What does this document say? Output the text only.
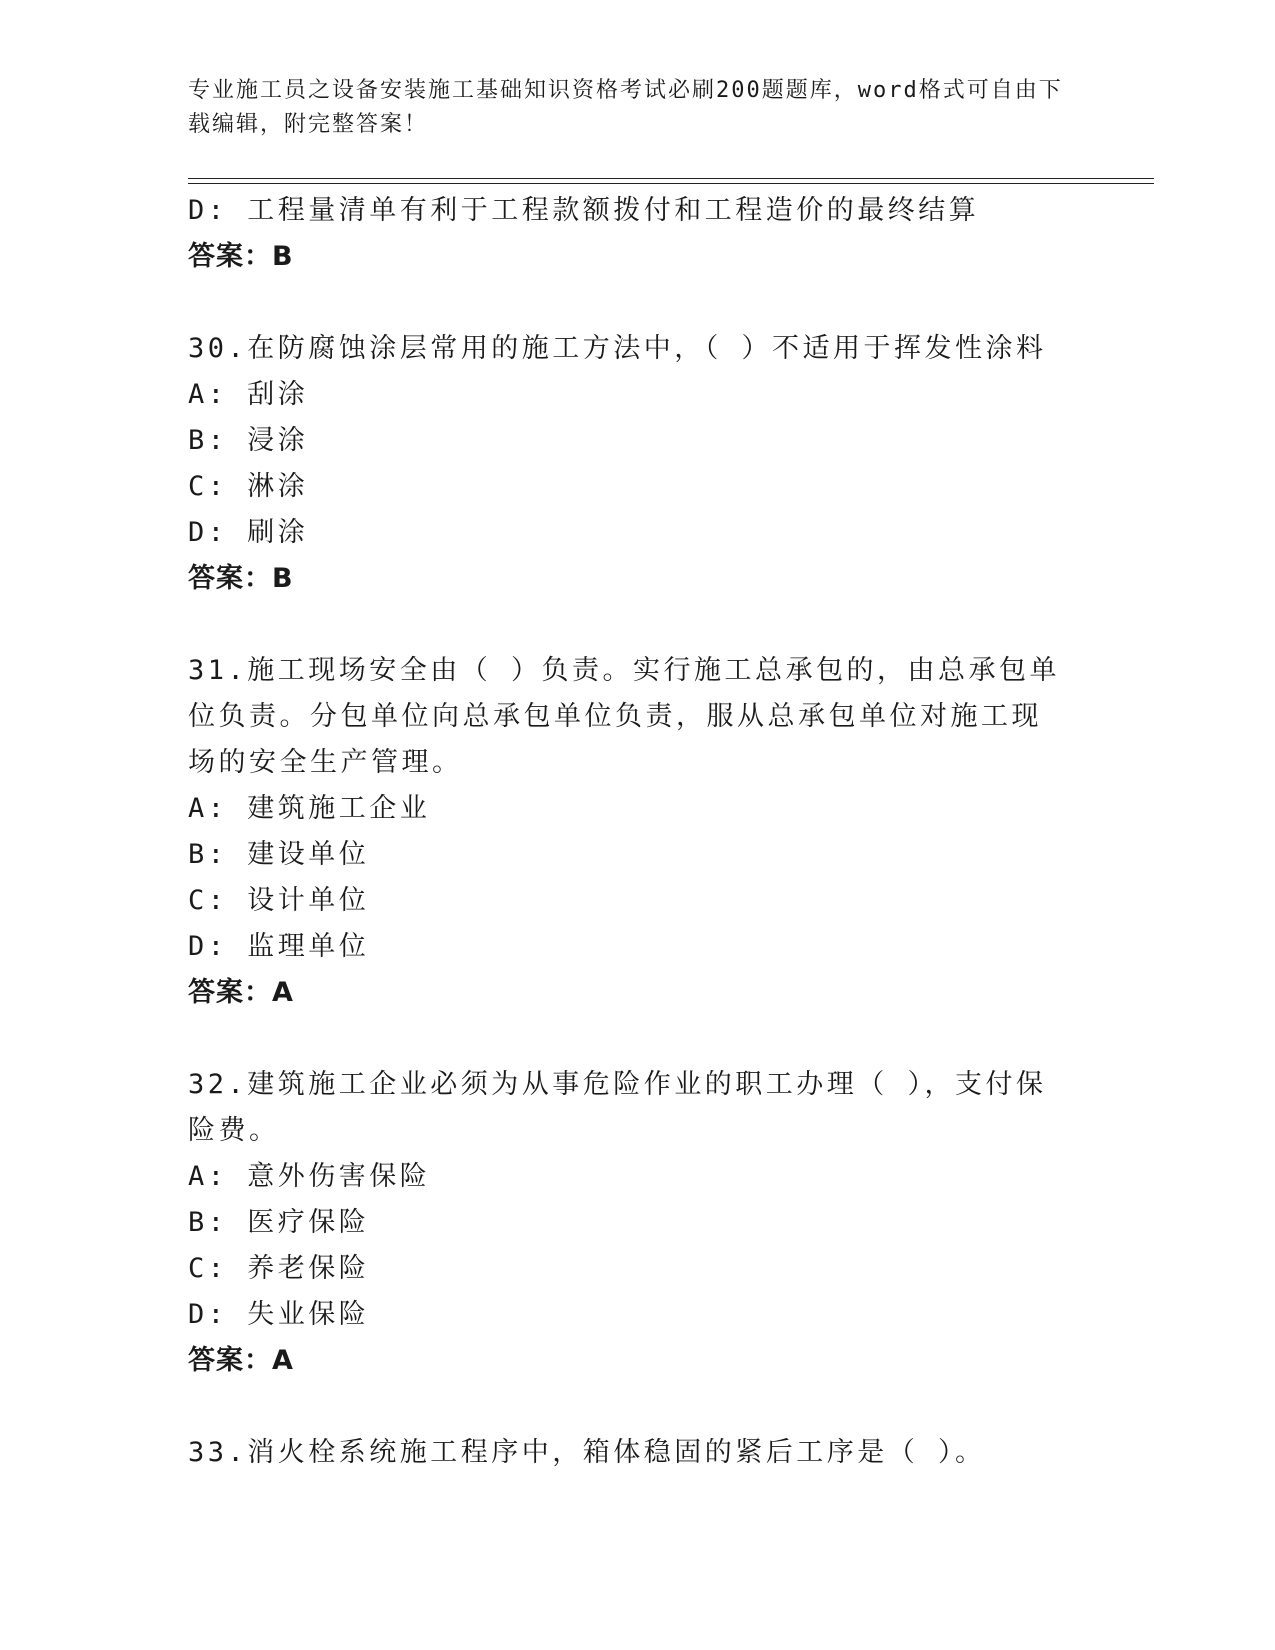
专业施工员之设备安装施工基础知识资格考试必刷200题题库，word格式可自由下载编辑，附完整答案！
D: 工程量清单有利于工程款额拨付和工程造价的最终结算
答案：B
30.在防腐蚀涂层常用的施工方法中，（ ）不适用于挥发性涂料
A: 刮涂
B: 浸涂
C: 淋涂
D: 刷涂
答案：B
31.施工现场安全由（ ）负责。实行施工总承包的，由总承包单位负责。分包单位向总承包单位负责，服从总承包单位对施工现场的安全生产管理。
A: 建筑施工企业
B: 建设单位
C: 设计单位
D: 监理单位
答案：A
32.建筑施工企业必须为从事危险作业的职工办理（ ），支付保险费。
A: 意外伤害保险
B: 医疗保险
C: 养老保险
D: 失业保险
答案：A
33.消火栓系统施工程序中，箱体稳固的紧后工序是（ ）。
